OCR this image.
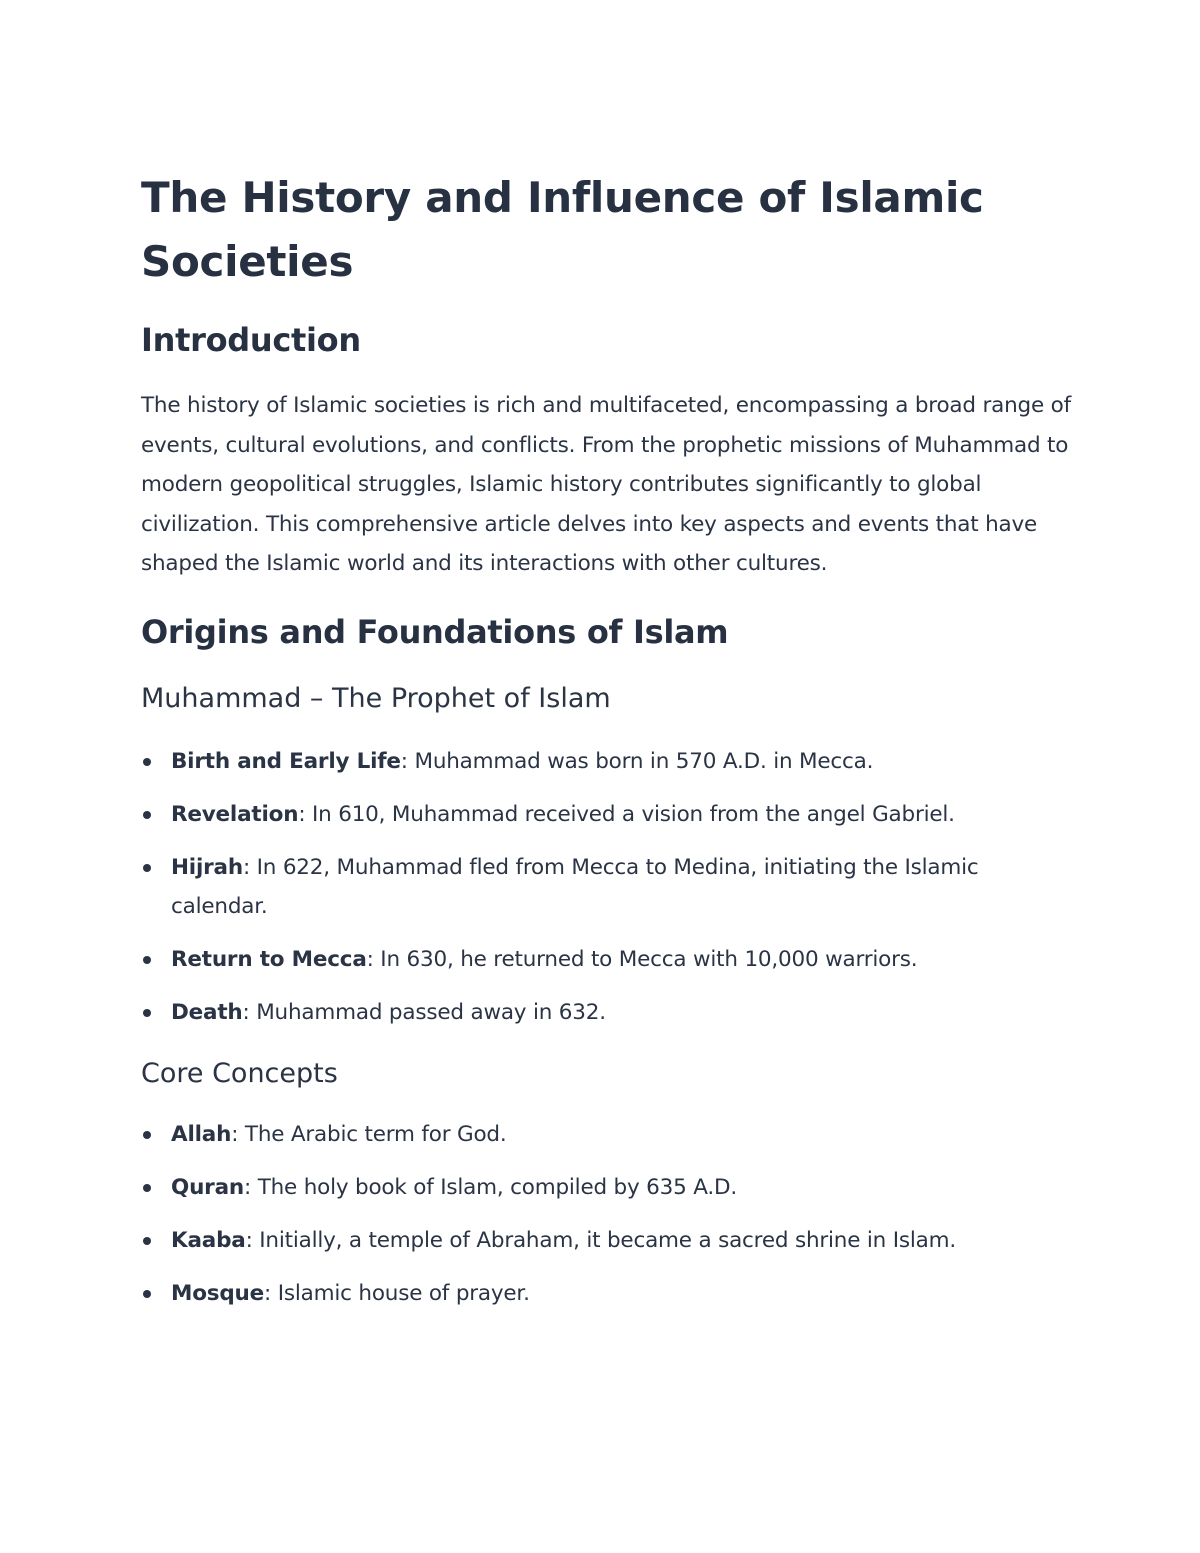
The History and Influence of Islamic Societies
Introduction

The history of Islamic societies is rich and multifaceted, encompassing a broad range of events, cultural evolutions, and conflicts. From the prophetic missions of Muhammad to modern geopolitical struggles, Islamic history contributes significantly to global civilization. This comprehensive article delves into key aspects and events that have shaped the Islamic world and its interactions with other cultures.

Origins and Foundations of Islam
Muhammad – The Prophet of Islam
Birth and Early Life: Muhammad was born in 570 A.D. in Mecca.
Revelation: In 610, Muhammad received a vision from the angel Gabriel.
Hijrah: In 622, Muhammad fled from Mecca to Medina, initiating the Islamic calendar.
Return to Mecca: In 630, he returned to Mecca with 10,000 warriors.
Death: Muhammad passed away in 632.
Core Concepts
Allah: The Arabic term for God.
Quran: The holy book of Islam, compiled by 635 A.D.
Kaaba: Initially, a temple of Abraham, it became a sacred shrine in Islam.
Mosque: Islamic house of prayer.
